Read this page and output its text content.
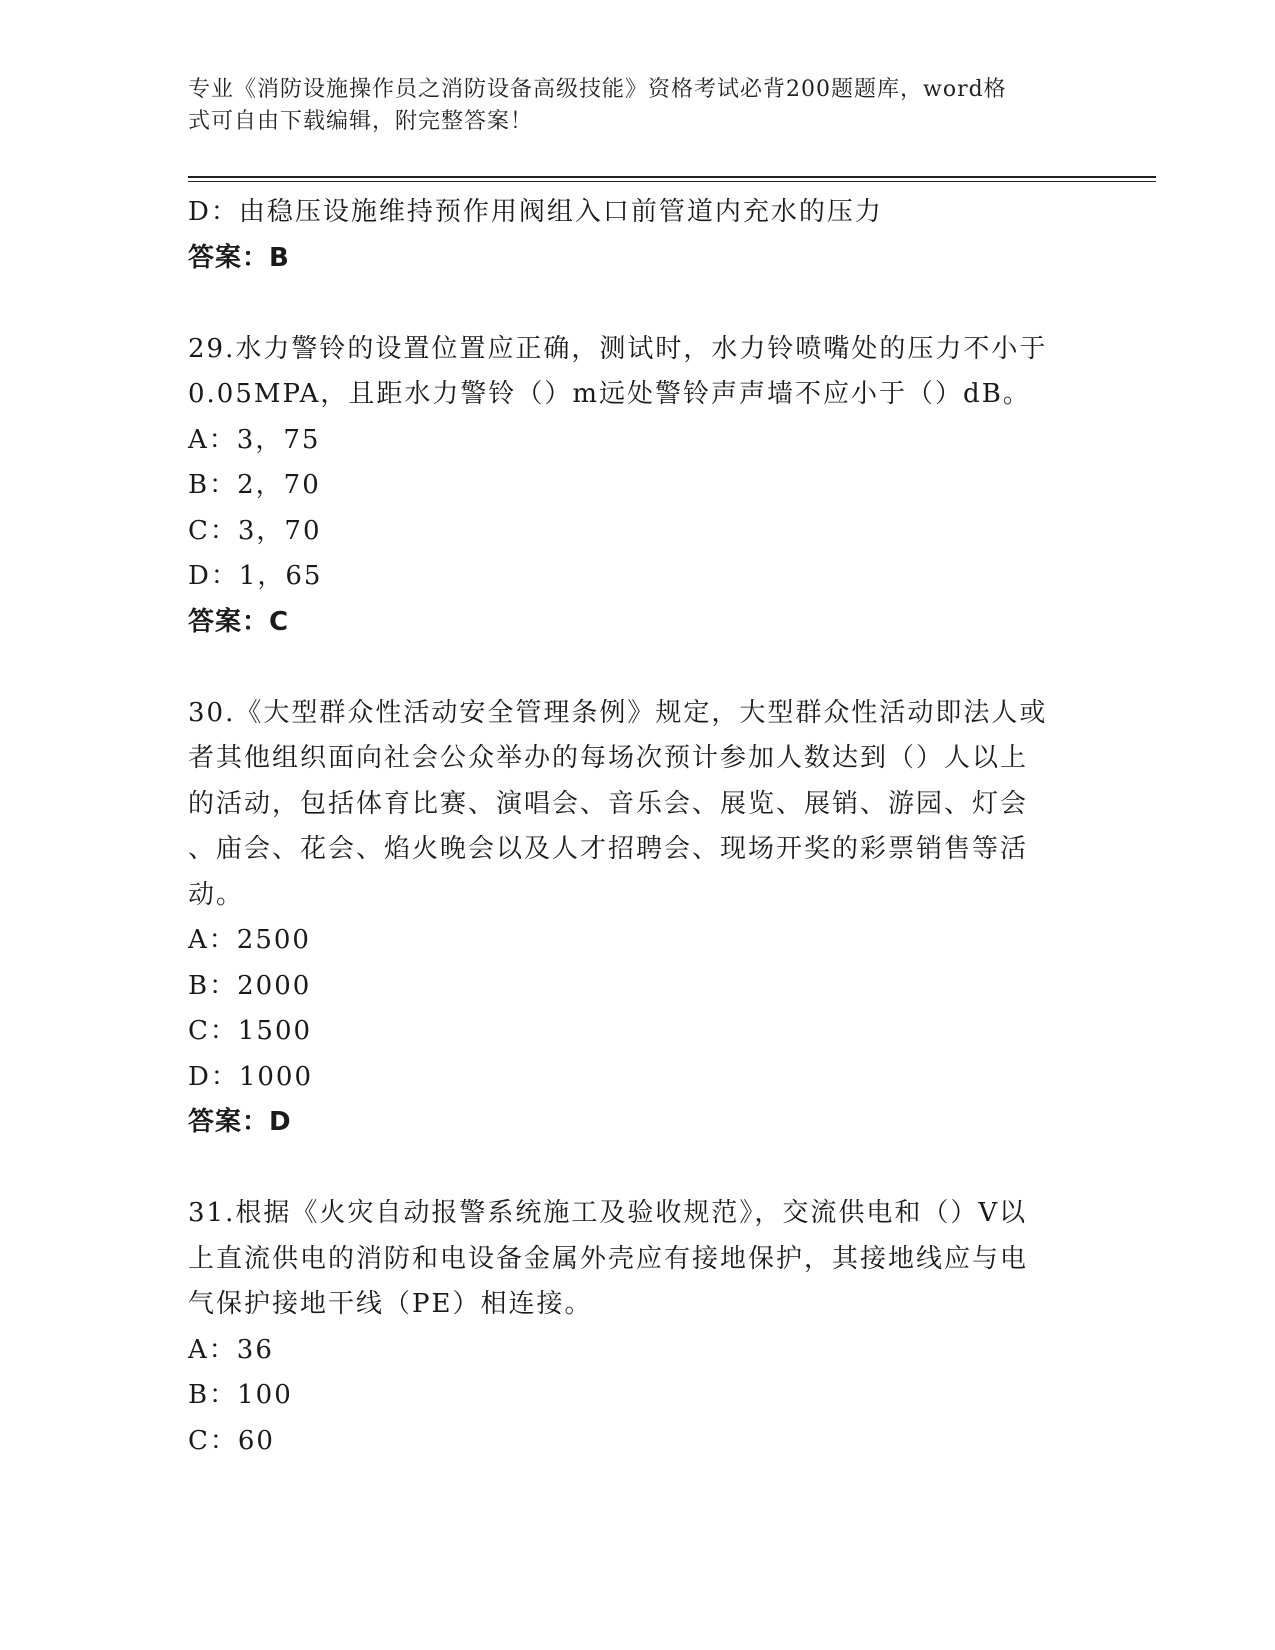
专业《消防设施操作员之消防设备高级技能》资格考试必背200题题库，word格
式可自由下载编辑，附完整答案！
D：由稳压设施维持预作用阀组入口前管道内充水的压力
答案：B
29.水力警铃的设置位置应正确，测试时，水力铃喷嘴处的压力不小于
0.05MPA，且距水力警铃（）m远处警铃声声墙不应小于（）dB。
A：3，75
B：2，70
C：3，70
D：1，65
答案：C
30.《大型群众性活动安全管理条例》规定，大型群众性活动即法人或
者其他组织面向社会公众举办的每场次预计参加人数达到（）人以上
的活动，包括体育比赛、演唱会、音乐会、展览、展销、游园、灯会
、庙会、花会、焰火晚会以及人才招聘会、现场开奖的彩票销售等活
动。
A：2500
B：2000
C：1500
D：1000
答案：D
31.根据《火灾自动报警系统施工及验收规范》，交流供电和（）V以
上直流供电的消防和电设备金属外壳应有接地保护，其接地线应与电
气保护接地干线（PE）相连接。
A：36
B：100
C：60
